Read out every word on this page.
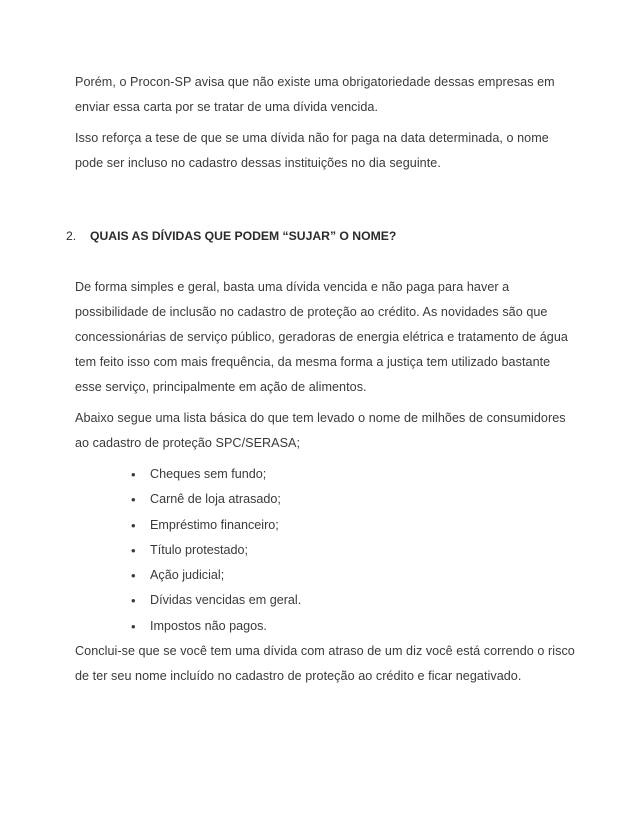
Porém, o Procon-SP avisa que não existe uma obrigatoriedade dessas empresas em enviar essa carta por se tratar de uma dívida vencida.

Isso reforça a tese de que se uma dívida não for paga na data determinada, o nome pode ser incluso no cadastro dessas instituições no dia seguinte.

2. QUAIS AS DÍVIDAS QUE PODEM “SUJAR” O NOME?

De forma simples e geral, basta uma dívida vencida e não paga para haver a possibilidade de inclusão no cadastro de proteção ao crédito. As novidades são que concessionárias de serviço público, geradoras de energia elétrica e tratamento de água tem feito isso com mais frequência, da mesma forma a justiça tem utilizado bastante esse serviço, principalmente em ação de alimentos.

Abaixo segue uma lista básica do que tem levado o nome de milhões de consumidores ao cadastro de proteção SPC/SERASA;

• Cheques sem fundo;
• Carnê de loja atrasado;
• Empréstimo financeiro;
• Título protestado;
• Ação judicial;
• Dívidas vencidas em geral.
• Impostos não pagos.

Conclui-se que se você tem uma dívida com atraso de um diz você está correndo o risco de ter seu nome incluído no cadastro de proteção ao crédito e ficar negativado.
